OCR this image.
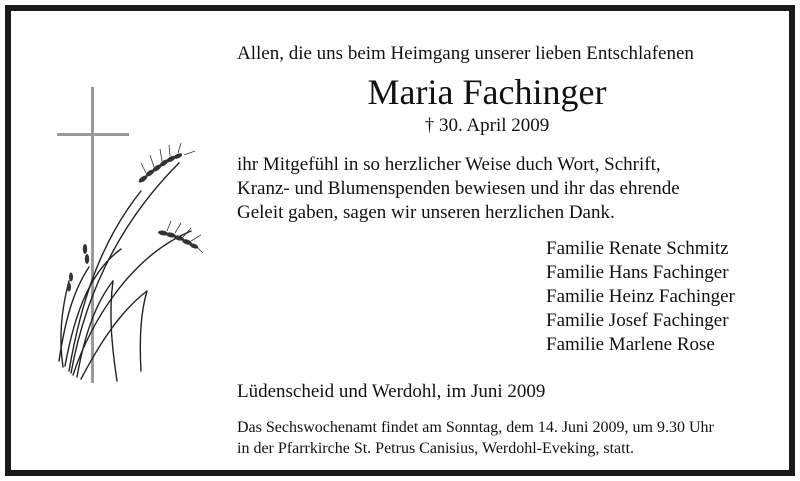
Allen, die uns beim Heimgang unserer lieben Entschlafenen
Maria Fachinger
† 30. April 2009
ihr Mitgefühl in so herzlicher Weise duch Wort, Schrift,
Kranz- und Blumenspenden bewiesen und ihr das ehrende
Geleit gaben, sagen wir unseren herzlichen Dank.
Familie Renate Schmitz
Familie Hans Fachinger
Familie Heinz Fachinger
Familie Josef Fachinger
Familie Marlene Rose
Lüdenscheid und Werdohl, im Juni 2009
Das Sechswochenamt findet am Sonntag, dem 14. Juni 2009, um 9.30 Uhr
in der Pfarrkirche St. Petrus Canisius, Werdohl-Eveking, statt.
